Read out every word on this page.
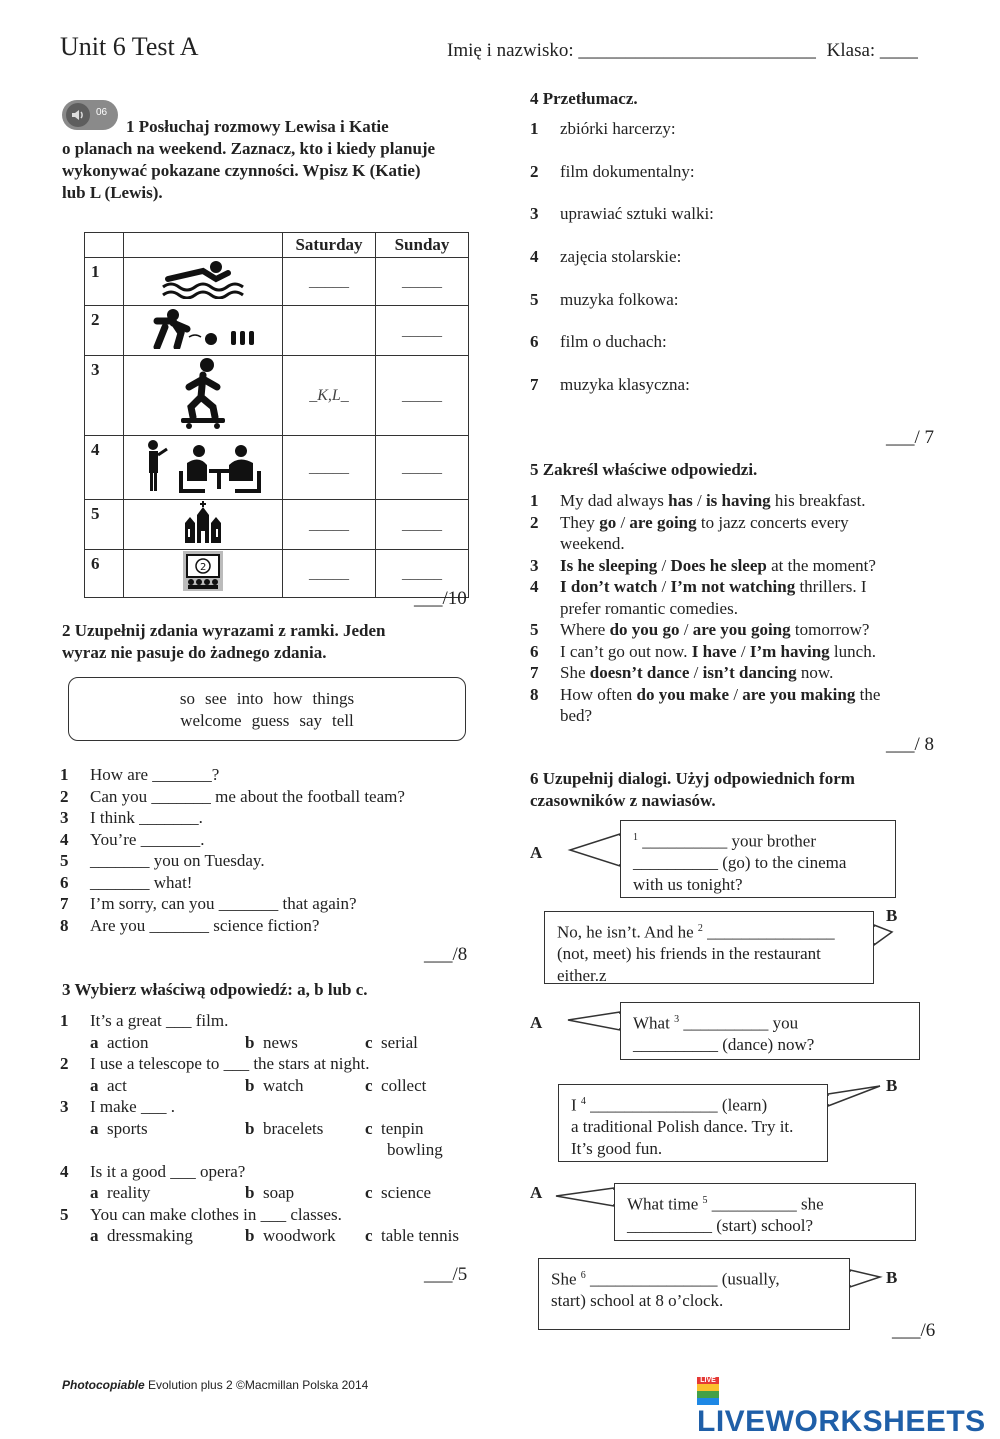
Unit 6 Test A	Imię i nazwisko: _________________________ Klasa: ____
06
1 Posłuchaj rozmowy Lewisa i Katie
o planach na weekend. Zaznacz, kto i kiedy planuje
wykonywać pokazane czynności. Wpisz K (Katie)
lub L (Lewis).
		Saturday	Sunday
1		_____	_____
2			_____
3		_K,L_	_____
4		_____	_____
5		_____	_____
6	2	_____	_____
___/10
2 Uzupełnij zdania wyrazami z ramki. Jeden
wyraz nie pasuje do żadnego zdania.
so see into how things
welcome guess say tell
1 How are _______?
2 Can you _______ me about the football team?
3 I think _______.
4 You’re _______.
5 _______ you on Tuesday.
6 _______ what!
7 I’m sorry, can you _______ that again?
8 Are you _______ science fiction?
___/8
3 Wybierz właściwą odpowiedź: a, b lub c.
1 It’s a great ___ film.
a action	b news	c serial
2 I use a telescope to ___ the stars at night.
a act	b watch	c collect
3 I make ___ .
a sports	b bracelets c tenpin
bowling
4 Is it a good ___ opera?
a reality	b soap	c science
5 You can make clothes in ___ classes.
a dressmaking	b woodwork c table tennis
___/5
4 Przetłumacz.
1 zbiórki harcerzy:
2 film dokumentalny:
3 uprawiać sztuki walki:
4 zajęcia stolarskie:
5 muzyka folkowa:
6 film o duchach:
7 muzyka klasyczna:
___/ 7
5 Zakreśl właściwe odpowiedzi.
1 My dad always has / is having his breakfast.
2 They go / are going to jazz concerts every
weekend.
3 Is he sleeping / Does he sleep at the moment?
4 I don’t watch / I’m not watching thrillers. I
prefer romantic comedies.
5 Where do you go / are you going tomorrow?
6 I can’t go out now. I have / I’m having lunch.
7 She doesn’t dance / isn’t dancing now.
8 How often do you make / are you making the
bed?
___/ 8
6 Uzupełnij dialogi. Użyj odpowiednich form
czasowników z nawiasów.
A
$^1$ __________ your brother
__________ (go) to the cinema
with us tonight?
B
No, he isn’t. And he $^2$ _______________
(not, meet) his friends in the restaurant
either.z
A	What $^3$ __________ you
__________ (dance) now?
B
I $^4$ _______________ (learn)
a traditional Polish dance. Try it.
It’s good fun.
A
What time $^5$ __________ she
__________ (start) school?
B
She $^6$ _______________ (usually,
start) school at 8 o’clock.
___/6
Photocopiable Evolution plus 2 ©Macmillan Polska 2014	LIVE
LIVEWORKSHEETS
